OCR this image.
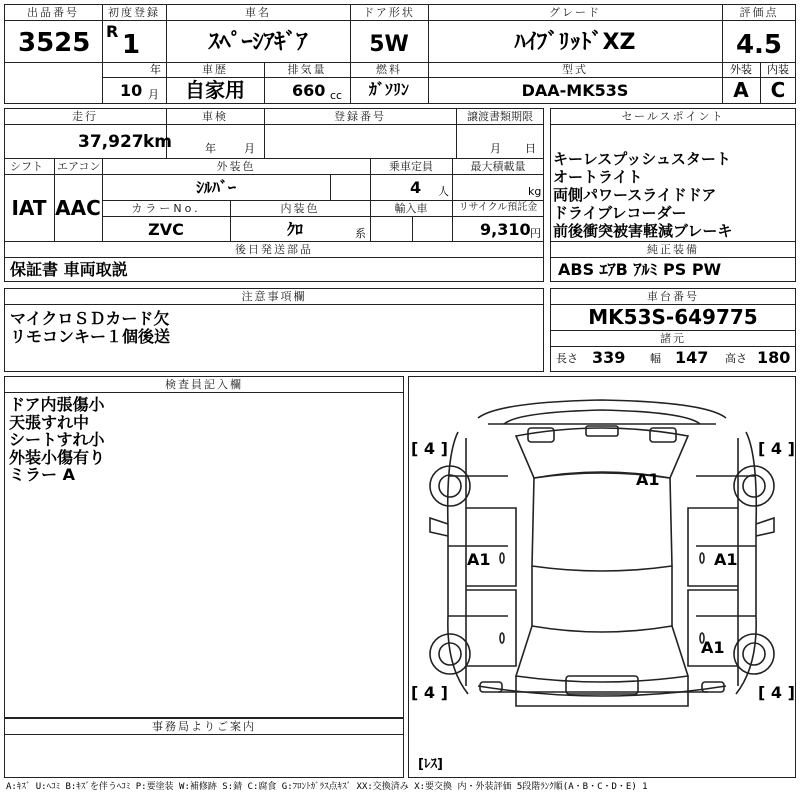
出品番号
3525
初度登録
R 1
年
10 月
車名
ｽﾍﾟｰｼｱｷﾞｱ
ドア形状
5W
グレード
ﾊｲﾌﾞﾘｯﾄﾞXZ
評価点
4.5
車歴
自家用
排気量
660 cc
燃料
ｶﾞｿﾘﾝ
型式
DAA-MK53S
外装
A
内装
C
走行
37,927 km
車検
年	月
登録番号	譲渡書類期限
月 日
シフト
IAT
エアコン
AAC
外装色
ｼﾙﾊﾞｰ
乗車定員
4 人
最大積載量
kg
カラーNo.
ZVC
内装色
ｸﾛ	系
輸入車	リサイクル預託金
9,310 円
後日発送部品
保証書 車両取説
セールスポイント
キーレスプッシュスタート
オートライト
両側パワースライドドア
ドライブレコーダー
前後衝突被害軽減ブレーキ
純正装備
ABS ｴｱB ｱﾙﾐ PS PW
注意事項欄
マイクロＳＤカード欠
リモコンキー１個後送
車台番号
MK53S-649775
諸元
長さ 339 幅 147 高さ 180
検査員記入欄
ドア内張傷小
天張すれ中
シートすれ小
外装小傷有り
ミラー A
[ 4 ]	[ 4 ]
[ 4 ]	[ 4 ]
[ﾚｽ]
A1
A1	A1
A1
事務局よりご案内
A:ｷｽﾞ U:ﾍｺﾐ B:ｷｽﾞを伴うﾍｺﾐ P:要塗装 W:補修跡 S:錆 C:腐食 G:ﾌﾛﾝﾄｶﾞﾗｽ点ｷｽﾞ XX:交換済み X:要交換 内・外装評価 5段階ﾗﾝｸ順(A・B・C・D・E) 1
